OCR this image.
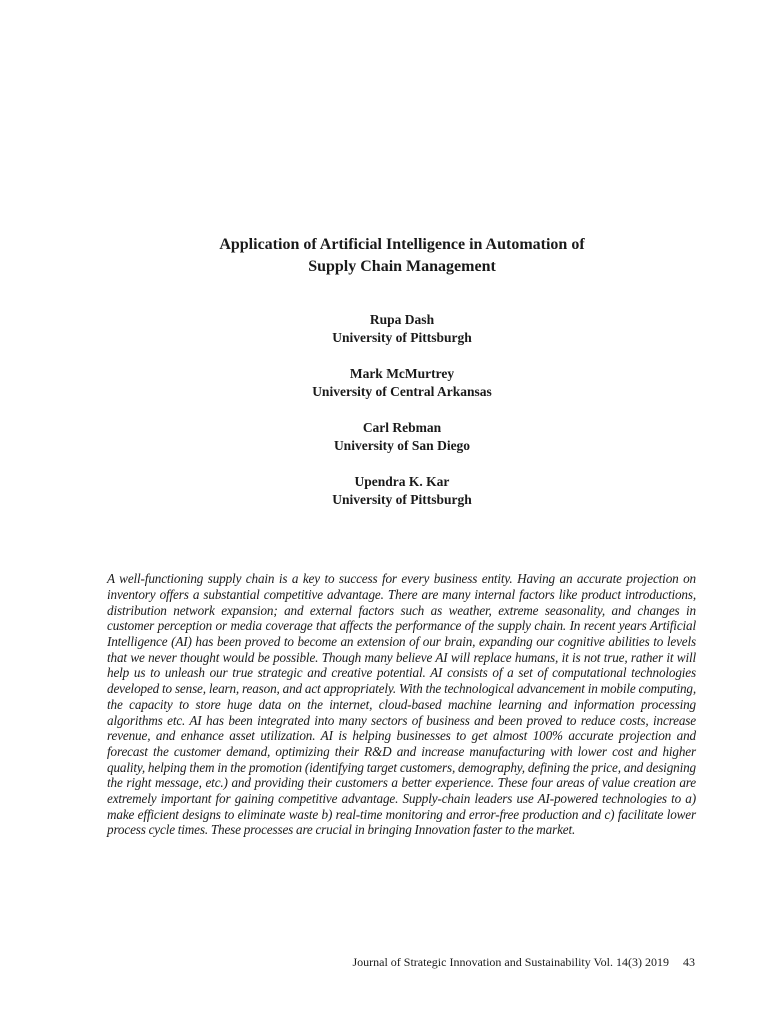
Application of Artificial Intelligence in Automation of
Supply Chain Management
Rupa Dash
University of Pittsburgh
Mark McMurtrey
University of Central Arkansas
Carl Rebman
University of San Diego
Upendra K. Kar
University of Pittsburgh

A well-functioning supply chain is a key to success for every business entity. Having an accurate projection on inventory offers a substantial competitive advantage. There are many internal factors like product introductions, distribution network expansion; and external factors such as weather, extreme seasonality, and changes in customer perception or media coverage that affects the performance of the supply chain. In recent years Artificial Intelligence (AI) has been proved to become an extension of our brain, expanding our cognitive abilities to levels that we never thought would be possible. Though many believe AI will replace humans, it is not true, rather it will help us to unleash our true strategic and creative potential. AI consists of a set of computational technologies developed to sense, learn, reason, and act appropriately. With the technological advancement in mobile computing, the capacity to store huge data on the internet, cloud-based machine learning and information processing algorithms etc. AI has been integrated into many sectors of business and been proved to reduce costs, increase revenue, and enhance asset utilization. AI is helping businesses to get almost 100% accurate projection and forecast the customer demand, optimizing their R&D and increase manufacturing with lower cost and higher quality, helping them in the promotion (identifying target customers, demography, defining the price, and designing the right message, etc.) and providing their customers a better experience. These four areas of value creation are extremely important for gaining competitive advantage. Supply-chain leaders use AI-powered technologies to a) make efficient designs to eliminate waste b) real-time monitoring and error-free production and c) facilitate lower process cycle times. These processes are crucial in bringing Innovation faster to the market.

Journal of Strategic Innovation and Sustainability Vol. 14(3) 2019 43
